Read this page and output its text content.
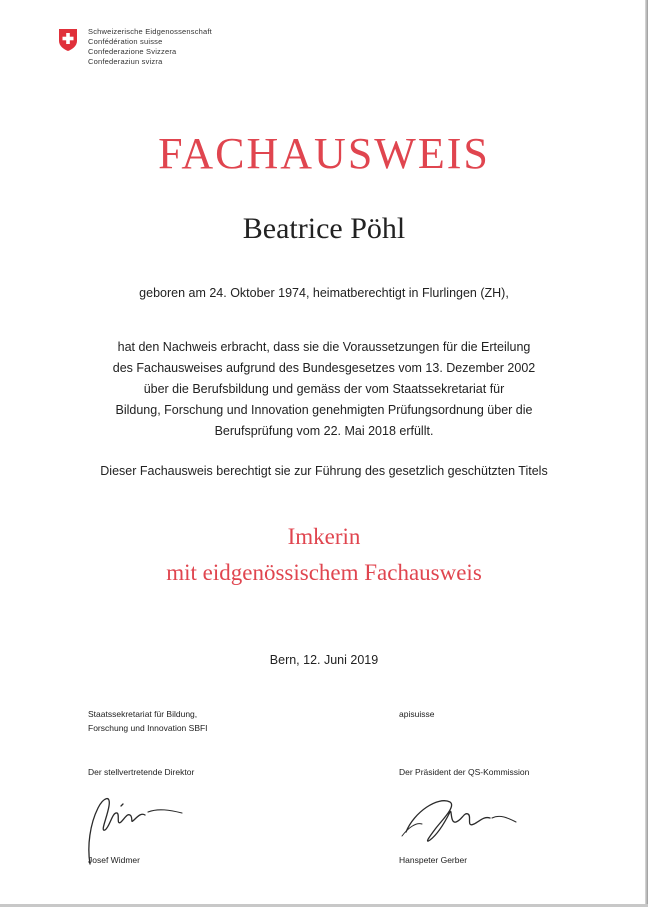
Schweizerische Eidgenossenschaft
Confédération suisse
Confederazione Svizzera
Confederaziun svizra
FACHAUSWEIS
Beatrice Pöhl
geboren am 24. Oktober 1974, heimatberechtigt in Flurlingen (ZH),
hat den Nachweis erbracht, dass sie die Voraussetzungen für die Erteilung
des Fachausweises aufgrund des Bundesgesetzes vom 13. Dezember 2002
über die Berufsbildung und gemäss der vom Staatssekretariat für
Bildung, Forschung und Innovation genehmigten Prüfungsordnung über die
Berufsprüfung vom 22. Mai 2018 erfüllt.
Dieser Fachausweis berechtigt sie zur Führung des gesetzlich geschützten Titels
Imkerin
mit eidgenössischem Fachausweis
Bern, 12. Juni 2019
Staatssekretariat für Bildung,
Forschung und Innovation SBFI
Der stellvertretende Direktor
Josef Widmer
apisuisse
Der Präsident der QS-Kommission
Hanspeter Gerber
